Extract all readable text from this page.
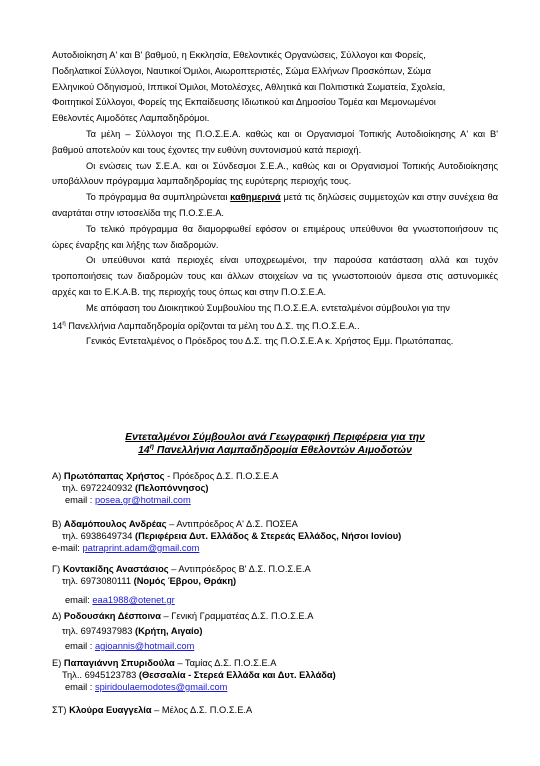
Αυτοδιοίκηση Α' και Β' βαθμού, η Εκκλησία, Εθελοντικές Οργανώσεις, Σύλλογοι και Φορείς,
Ποδηλατικοί Σύλλογοι, Ναυτικοί Όμιλοι, Αιωροπτεριστές, Σώμα Ελλήνων Προσκόπων, Σώμα
Ελληνικού Οδηγισμού, Ιππικοί Όμιλοι, Μοτολέσχες, Αθλητικά και Πολιτιστικά Σωματεία, Σχολεία,
Φοιτητικοί Σύλλογοι, Φορείς της Εκπαίδευσης Ιδιωτικού και Δημοσίου Τομέα και Μεμονωμένοι
Εθελοντές Αιμοδότες Λαμπαδηδρόμοι.

Τα μέλη – Σύλλογοι της Π.Ο.Σ.Ε.Α. καθώς και οι Οργανισμοί Τοπικής Αυτοδιοίκησης Α' και Β' βαθμού αποτελούν και τους έχοντες την ευθύνη συντονισμού κατά περιοχή.

Οι ενώσεις των Σ.Ε.Α. και οι Σύνδεσμοι Σ.Ε.Α., καθώς και οι Οργανισμοί Τοπικής Αυτοδιοίκησης υποβάλλουν πρόγραμμα λαμπαδηδρομίας της ευρύτερης περιοχής τους.

Το πρόγραμμα θα συμπληρώνεται καθημερινά μετά τις δηλώσεις συμμετοχών και στην συνέχεια θα αναρτάται στην ιστοσελίδα της Π.Ο.Σ.Ε.Α.

Το τελικό πρόγραμμα θα διαμορφωθεί εφόσον οι επιμέρους υπεύθυνοι θα γνωστοποιήσουν τις ώρες έναρξης και λήξης των διαδρομών.

Οι υπεύθυνοι κατά περιοχές είναι υποχρεωμένοι, την παρούσα κατάσταση αλλά και τυχόν τροποποιήσεις των διαδρομών τους και άλλων στοιχείων να τις γνωστοποιούν άμεσα στις αστυνομικές αρχές και το Ε.Κ.Α.Β. της περιοχής τους όπως και στην Π.Ο.Σ.Ε.Α.

Με απόφαση του Διοικητικού Συμβουλίου της Π.Ο.Σ.Ε.Α. εντεταλμένοι σύμβουλοι για την
$14^\eta$ Πανελλήνια Λαμπαδηδρομία ορίζονται τα μέλη του Δ.Σ. της Π.Ο.Σ.Ε.Α..

Γενικός Εντεταλμένος ο Πρόεδρος του Δ.Σ. της Π.Ο.Σ.Ε.Α κ. Χρήστος Εμμ. Πρωτόπαπας.

Εντεταλμένοι Σύμβουλοι ανά Γεωγραφική Περιφέρεια για την
$14^\eta$ Πανελλήνια Λαμπαδηδρομία Εθελοντών Αιμοδοτών
Α) Πρωτόπαπας Χρήστος - Πρόεδρος Δ.Σ. Π.Ο.Σ.Ε.Α
τηλ. 6972240932 (Πελοπόννησος)
email : posea.gr@hotmail.com
Β) Αδαμόπουλος Ανδρέας – Αντιπρόεδρος Α' Δ.Σ. ΠΟΣΕΑ
τηλ. 6938649734 (Περιφέρεια Δυτ. Ελλάδος & Στερεάς Ελλάδος, Νήσοι Ιονίου)
e-mail: patraprint.adam@gmail.com
Γ) Κοντακίδης Αναστάσιος – Αντιπρόεδρος Β' Δ.Σ. Π.Ο.Σ.Ε.Α
τηλ. 6973080111 (Νομός Έβρου, Θράκη)
email: eaa1988@otenet.gr
Δ) Ροδουσάκη Δέσποινα – Γενική Γραμματέας Δ.Σ. Π.Ο.Σ.Ε.Α
τηλ. 6974937983 (Κρήτη, Αιγαίο)
email : agioannis@hotmail.com
Ε) Παπαγιάννη Σπυριδούλα – Ταμίας Δ.Σ. Π.Ο.Σ.Ε.Α
Τηλ.. 6945123783 (Θεσσαλία - Στερεά Ελλάδα και Δυτ. Ελλάδα)
email : spiridoulaemodotes@gmail.com
ΣΤ) Κλούρα Ευαγγελία – Μέλος Δ.Σ. Π.Ο.Σ.Ε.Α
